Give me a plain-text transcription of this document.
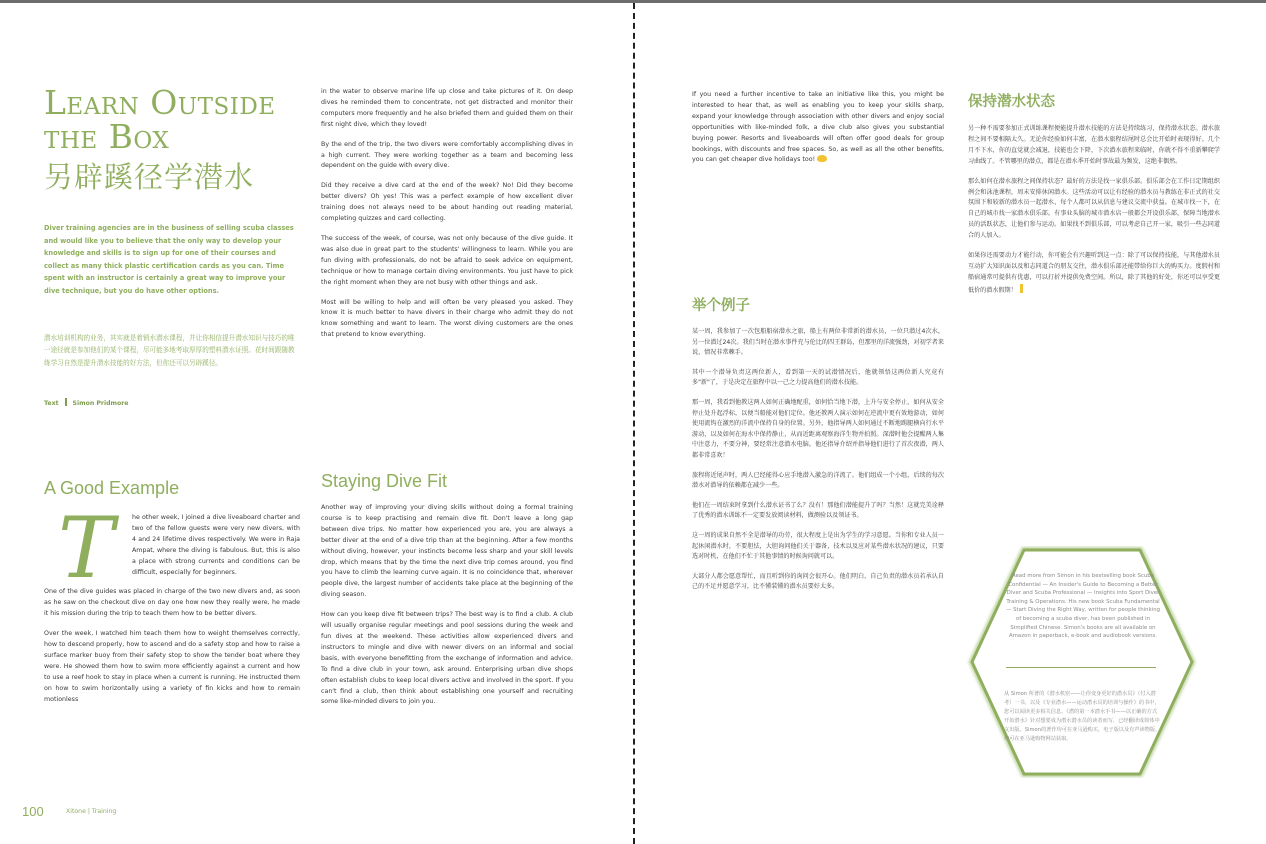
Learn Outside
the Box
另辟蹊径学潜水
Diver training agencies are in the business of selling scuba classes and would like you to believe that the only way to develop your knowledge and skills is to sign up for one of their courses and collect as many thick plastic certification cards as you can. Time spent with an instructor is certainly a great way to improve your dive technique, but you do have other options.
潜水培训机构的业务，其实就是着销水潜水课程，并让你相信提升潜水知识与技巧的唯一途径就是参加他们的某个课程，尽可能多地考取厚厚的塑料潜水证照。花时间跟随教练学习自然是提升潜水技能的好方法，但你还可以另辟蹊径。
Text Simon Pridmore
A Good Example
T	he other week, I joined a dive liveaboard charter and two of the fellow guests were very new divers, with 4 and 24 lifetime dives respectively. We were in Raja Ampat, where the diving is fabulous. But, this is also a place with strong currents and conditions can be difficult, especially for beginners.

One of the dive guides was placed in charge of the two new divers and, as soon as he saw on the checkout dive on day one how new they really were, he made it his mission during the trip to teach them how to be better divers.

Over the week, I watched him teach them how to weight themselves correctly, how to descend properly, how to ascend and do a safety stop and how to raise a surface marker buoy from their safety stop to show the tender boat where they were. He showed them how to swim more efficiently against a current and how to use a reef hook to stay in place when a current is running. He instructed them on how to swim horizontally using a variety of fin kicks and how to remain motionless

in the water to observe marine life up close and take pictures of it. On deep dives he reminded them to concentrate, not get distracted and monitor their computers more frequently and he also briefed them and guided them on their first night dive, which they loved!

By the end of the trip, the two divers were comfortably accomplishing dives in a high current. They were working together as a team and becoming less dependent on the guide with every dive.

Did they receive a dive card at the end of the week? No! Did they become better divers? Oh yes! This was a perfect example of how excellent diver training does not always need to be about handing out reading material, completing quizzes and card collecting.

The success of the week, of course, was not only because of the dive guide. It was also due in great part to the students' willingness to learn. While you are fun diving with professionals, do not be afraid to seek advice on equipment, technique or how to manage certain diving environments. You just have to pick the right moment when they are not busy with other things and ask.

Most will be willing to help and will often be very pleased you asked. They know it is much better to have divers in their charge who admit they do not know something and want to learn. The worst diving customers are the ones that pretend to know everything.

Staying Dive Fit

Another way of improving your diving skills without doing a formal training course is to keep practising and remain dive fit. Don't leave a long gap between dive trips. No matter how experienced you are, you are always a better diver at the end of a dive trip than at the beginning. After a few months without diving, however, your instincts become less sharp and your skill levels drop, which means that by the time the next dive trip comes around, you find you have to climb the learning curve again. It is no coincidence that, wherever people dive, the largest number of accidents take place at the beginning of the diving season.

How can you keep dive fit between trips? The best way is to find a club. A club will usually organise regular meetings and pool sessions during the week and fun dives at the weekend. These activities allow experienced divers and instructors to mingle and dive with newer divers on an informal and social basis, with everyone benefitting from the exchange of information and advice. To find a dive club in your town, ask around. Enterprising urban dive shops often establish clubs to keep local divers active and involved in the sport. If you can't find a club, then think about establishing one yourself and recruiting some like-minded divers to join you.

100	Xitone | Training

If you need a further incentive to take an initiative like this, you might be interested to hear that, as well as enabling you to keep your skills sharp, expand your knowledge through association with other divers and enjoy social opportunities with like-minded folk, a dive club also gives you substantial buying power. Resorts and liveaboards will often offer good deals for group bookings, with discounts and free spaces. So, as well as all the other benefits, you can get cheaper dive holidays too!

举个例子

某一周，我参加了一次包船船宿潜水之旅，船上有两位非常新的潜水员，一位只潜过4次水，另一位潜过24次。我们当时在潜水事件充与伦比的四王群岛，但那里的洋流强劲，对初学者来说，情况非常棘手。

其中一个潜导负责这两位新人，看到第一天的试潜情况后，他就领悟这两位新人究竟有多"新"了，于是决定在旅程中以一己之力提高他们的潜水技能。

那一周，我看到他教这两人如何正确地配重，如何恰当地下潜，上升与安全停止，如何从安全停止处升起浮标，以便当船能对他们定位。他还教两人演示如何在逆流中更有效地游动，如何使用流钩在激烈的洋流中保持自身的位置。另外，他指导两人如何通过不断地踢腿横向行水平游动，以及如何在海水中保持静止，从而近距离观察海洋生物并拍照。深潜时他会提醒两人集中注意力，不要分神，要经常注意潜水电脑。他还指导介绍并指导他们进行了首次夜潜，两人都非常喜欢！

旅程将近尾声时，两人已经能得心应手地潜入激急的洋流了。他们组成一个小组，后续的每次潜水对潜导的依赖都在减少一些。

他们在一周结束时拿到什么潜水证书了么？没有！那他们潜能提升了吗？当然！这就完美诠释了优秀的潜水训练不一定要发放阅读材料，做测验以及领证书。

这一周的成果自然不全是潜导的功劳，很大程度上是出为学生的学习意愿。当你和专业人员一起休闲潜水时，不要胆怯，大胆询问他们关于器备，技术以及应对某些潜水状况的建议，只要选对时机，在他们不忙于其他事情的时候询问就可以。

大部分人都会愿意帮忙，而且听到你的询问会很开心。他们明白，自己负责的潜水员若承认自己的不足并愿意学习，比不懂装懂的潜水员要好太多。

保持潜水状态

另一种不需要参加正式训练课程便能提升潜水技能的方法是持续练习，保持潜水状态。潜水旅程之间不要相隔太久。无论你经验如何丰富，在潜水旅程结尾时总会比开始时表现得好。几个月不下水，你的直觉就会减退，技能也会下降，下次潜水旅程来临时，你就不得不重新攀爬学习曲线了。不管哪里的潜点，都是在潜水季开始时事故最为频发，这绝非偶然。

那么如何在潜水旅程之间保持状态？最好的方法是找一家俱乐部。俱乐部会在工作日定期组织例会和泳池课程，周末安排休闲潜水。这些活动可以让有经验的潜水员与教练在非正式的社交氛围下和较新的潜水员一起潜水，每个人都可以从信息与建议交流中获益。在城市找一下，在自己的城市找一家潜水俱乐部。有事业头脑的城市潜水店一般都会开设俱乐部，保障当地潜水员的活跃状态，让他们参与运动。如果找不到俱乐部，可以考虑自己开一家，吸引一些志同道合的人加入。

如果你还需要动力才能行动，你可能会有兴趣听到这一点：除了可以保持技能，与其他潜水员互动扩大知识面以及和志同道合的朋友交往，潜水俱乐部还能带给你巨大的购买力。度假村和船宿通常可提供有优惠，可以打折并提供免费空间。所以，除了其他的好处，你还可以享受更低价的潜水假期！

Read more from Simon in his bestselling book Scuba Confidential — An Insider's Guide to Becoming a Better Diver and Scuba Professional — Insights into Sport Diver Training & Operations. His new book Scuba Fundamental — Start Diving the Right Way, written for people thinking of becoming a scuba diver, has been published in Simplified Chinese. Simon's books are all available on Amazon in paperback, e-book and audiobook versions.
从 Simon 所著的《潜水机密——让你变身更好的潜水员》（付入潜考）一书，以及《专业潜水——运动潜水员的培训与操作》的书中，您可以阅读更多相关信息。《潜的第一本潜水手书——以正确的方式开始潜水》针对想要成为潜水潜水员的读者而写，已经翻译成简体中文出版。Simon的著作均可在亚马逊购买，电子版以及有声读物版，均可在亚马逊购物网站获取。
